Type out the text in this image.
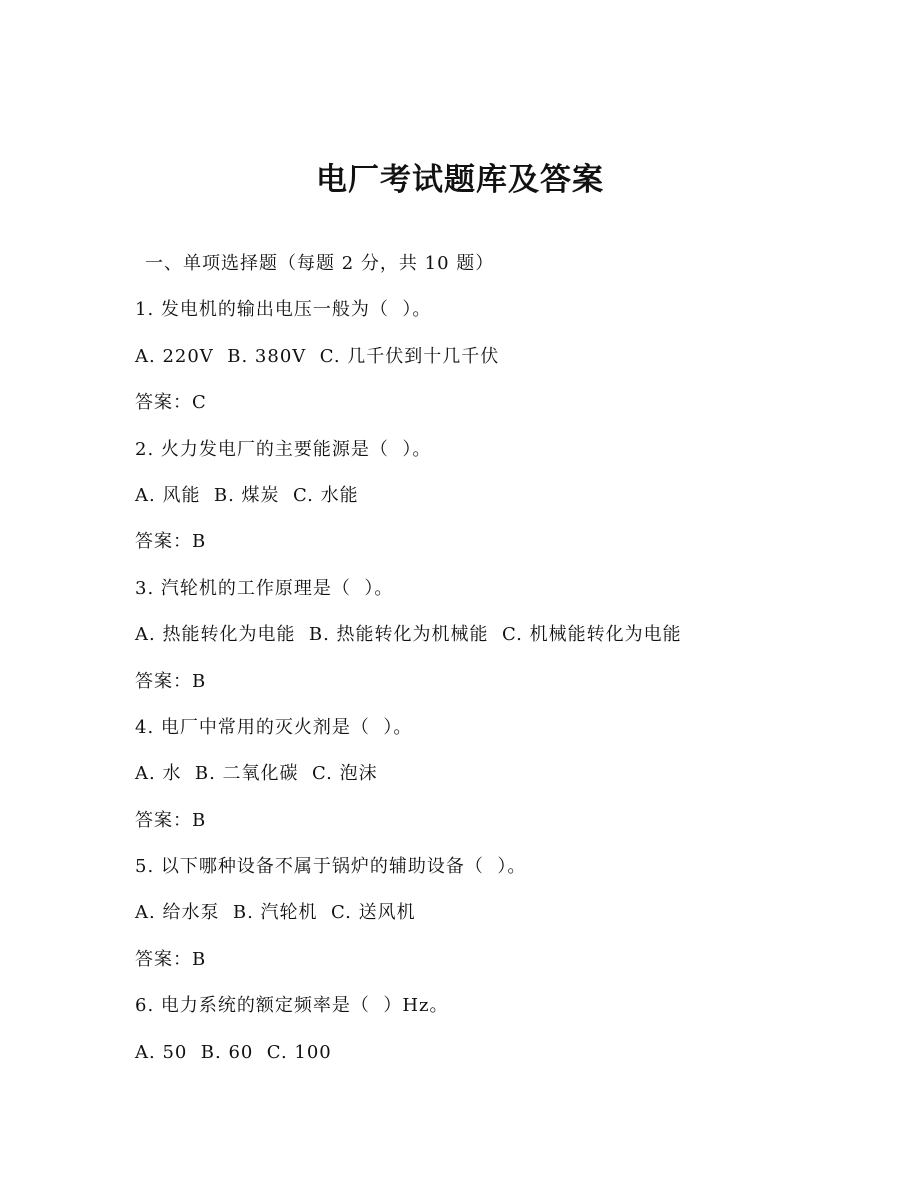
电厂考试题库及答案
一、单项选择题（每题 2 分，共 10 题）
1. 发电机的输出电压一般为（  ）。
A. 220V  B. 380V  C. 几千伏到十几千伏
答案：C
2. 火力发电厂的主要能源是（  ）。
A. 风能  B. 煤炭  C. 水能
答案：B
3. 汽轮机的工作原理是（  ）。
A. 热能转化为电能  B. 热能转化为机械能  C. 机械能转化为电能
答案：B
4. 电厂中常用的灭火剂是（  ）。
A. 水  B. 二氧化碳  C. 泡沫
答案：B
5. 以下哪种设备不属于锅炉的辅助设备（  ）。
A. 给水泵  B. 汽轮机  C. 送风机
答案：B
6. 电力系统的额定频率是（  ）Hz。
A. 50  B. 60  C. 100
